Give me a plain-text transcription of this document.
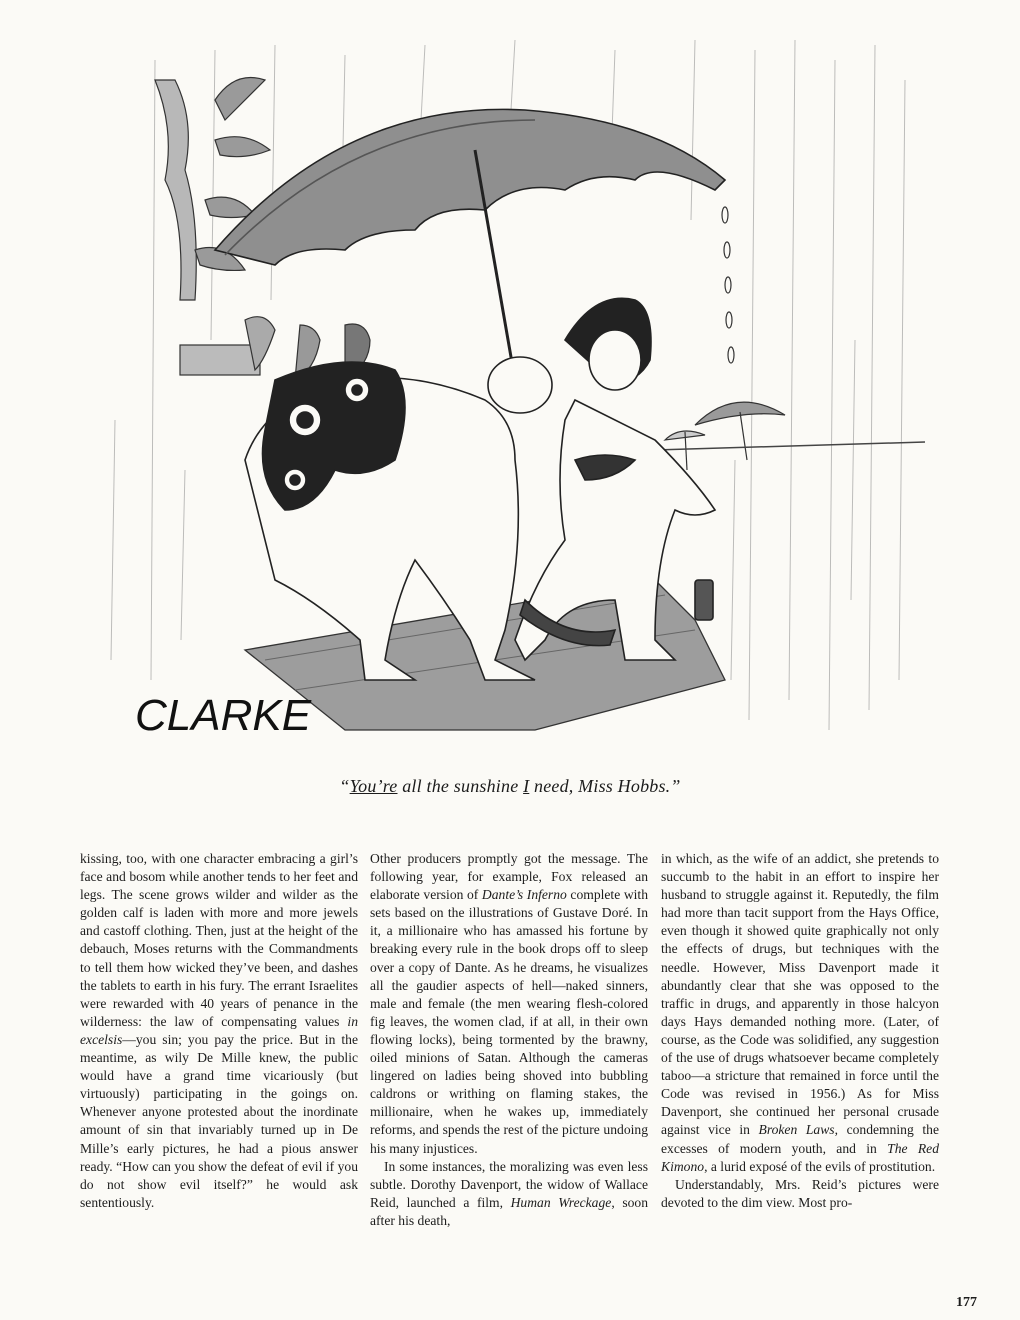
CLARKE
“You’re all the sunshine I need, Miss Hobbs.”

kissing, too, with one character embracing a girl’s face and bosom while another tends to her feet and legs. The scene grows wilder and wilder as the golden calf is laden with more and more jewels and castoff clothing. Then, just at the height of the debauch, Moses returns with the Commandments to tell them how wicked they’ve been, and dashes the tablets to earth in his fury. The errant Israelites were rewarded with 40 years of penance in the wilderness: the law of compensating values in excelsis—you sin; you pay the price. But in the meantime, as wily De Mille knew, the public would have a grand time vicariously (but virtuously) participating in the goings on. Whenever anyone protested about the inordinate amount of sin that invariably turned up in De Mille’s early pictures, he had a pious answer ready. “How can you show the defeat of evil if you do not show evil itself?” he would ask sententiously.

Other producers promptly got the message. The following year, for example, Fox released an elaborate version of Dante’s Inferno complete with sets based on the illustrations of Gustave Doré. In it, a millionaire who has amassed his fortune by breaking every rule in the book drops off to sleep over a copy of Dante. As he dreams, he visualizes all the gaudier aspects of hell—naked sinners, male and female (the men wearing flesh-colored fig leaves, the women clad, if at all, in their own flowing locks), being tormented by the brawny, oiled minions of Satan. Although the cameras lingered on ladies being shoved into bubbling caldrons or writhing on flaming stakes, the millionaire, when he wakes up, immediately reforms, and spends the rest of the picture undoing his many injustices.

In some instances, the moralizing was even less subtle. Dorothy Davenport, the widow of Wallace Reid, launched a film, Human Wreckage, soon after his death,

in which, as the wife of an addict, she pretends to succumb to the habit in an effort to inspire her husband to struggle against it. Reputedly, the film had more than tacit support from the Hays Office, even though it showed quite graphically not only the effects of drugs, but techniques with the needle. However, Miss Davenport made it abundantly clear that she was opposed to the traffic in drugs, and apparently in those halcyon days Hays demanded nothing more. (Later, of course, as the Code was solidified, any suggestion of the use of drugs whatsoever became completely taboo—a stricture that remained in force until the Code was revised in 1956.) As for Miss Davenport, she continued her personal crusade against vice in Broken Laws, condemning the excesses of modern youth, and in The Red Kimono, a lurid exposé of the evils of prostitution.

Understandably, Mrs. Reid’s pictures were devoted to the dim view. Most pro-

177
